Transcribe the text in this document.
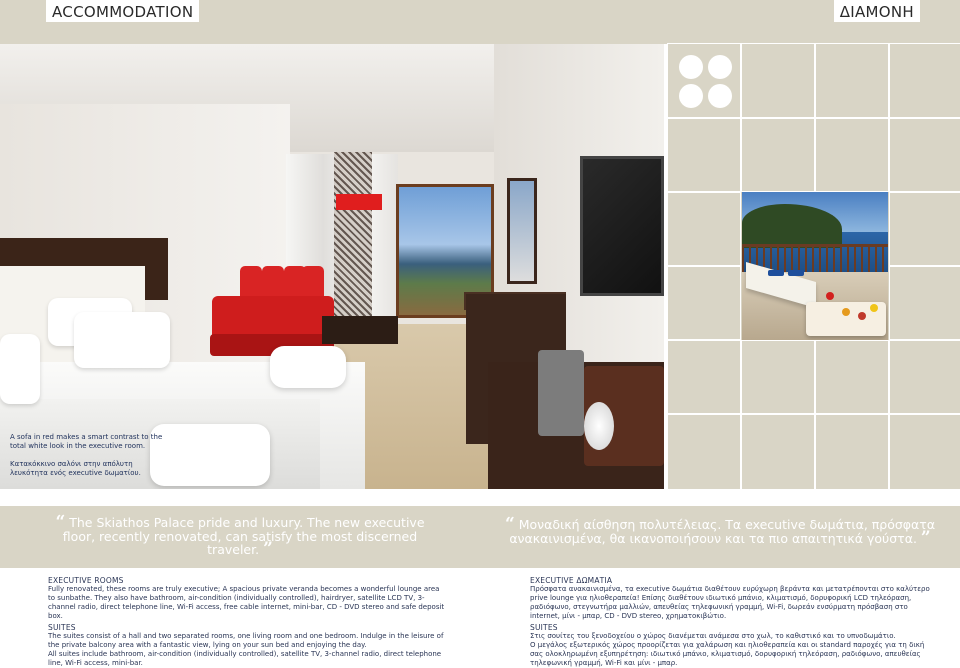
ACCOMMODATION	ΔΙΑΜΟΝΗ
A sofa in red makes a smart contrast to the total white look in the executive room.
Κατακόκκινο σαλόνι στην απόλυτη λευκότητα ενός executive δωματίου.
“ The Skiathos Palace pride and luxury. The new executive floor, recently renovated, can satisfy the most discerned traveler. ”
“ Μοναδική αίσθηση πολυτέλειας. Τα executive δωμάτια, πρόσφατα ανακαινισμένα, θα ικανοποιήσουν και τα πιο απαιτητικά γούστα. ”
EXECUTIVE ROOMS
Fully renovated, these rooms are truly executive; A spacious private veranda becomes a wonderful lounge area to sunbathe. They also have bathroom, air-condition (individually controlled), hairdryer, satellite LCD TV, 3-channel radio, direct telephone line, Wi-Fi access, free cable internet, mini-bar, CD - DVD stereo and safe deposit box.
SUITES
The suites consist of a hall and two separated rooms, one living room and one bedroom. Indulge in the leisure of the private balcony area with a fantastic view, lying on your sun bed and enjoying the day.
All suites include bathroom, air-condition (individually controlled), satellite TV, 3-channel radio, direct telephone line, Wi-Fi access, mini-bar.
EXECUTIVE ΔΩΜΑΤΙΑ
Πρόσφατα ανακαινισμένα, τα executive δωμάτια διαθέτουν ευρύχωρη βεράντα και μετατρέπονται στο καλύτερο prive lounge για ηλιοθεραπεία! Επίσης διαθέτουν ιδιωτικό μπάνιο, κλιματισμό, δορυφορική LCD τηλεόραση, ραδιόφωνο, στεγνωτήρα μαλλιών, απευθείας τηλεφωνική γραμμή, Wi-Fi, δωρεάν ενσύρματη πρόσβαση στο internet, μίνι - μπαρ, CD - DVD stereo, χρηματοκιβώτιο.
SUITES
Στις σουίτες του ξενοδοχείου ο χώρος διανέμεται ανάμεσα στο χωλ, το καθιστικό και το υπνοδωμάτιο.
Ο μεγάλος εξωτερικός χώρος προορίζεται για χαλάρωση και ηλιοθεραπεία και οι standard παροχές για τη δική σας ολοκληρωμένη εξυπηρέτηση: ιδιωτικό μπάνιο, κλιματισμό, δορυφορική τηλεόραση, ραδιόφωνο, απευθείας τηλεφωνική γραμμή, Wi-Fi και μίνι - μπαρ.
